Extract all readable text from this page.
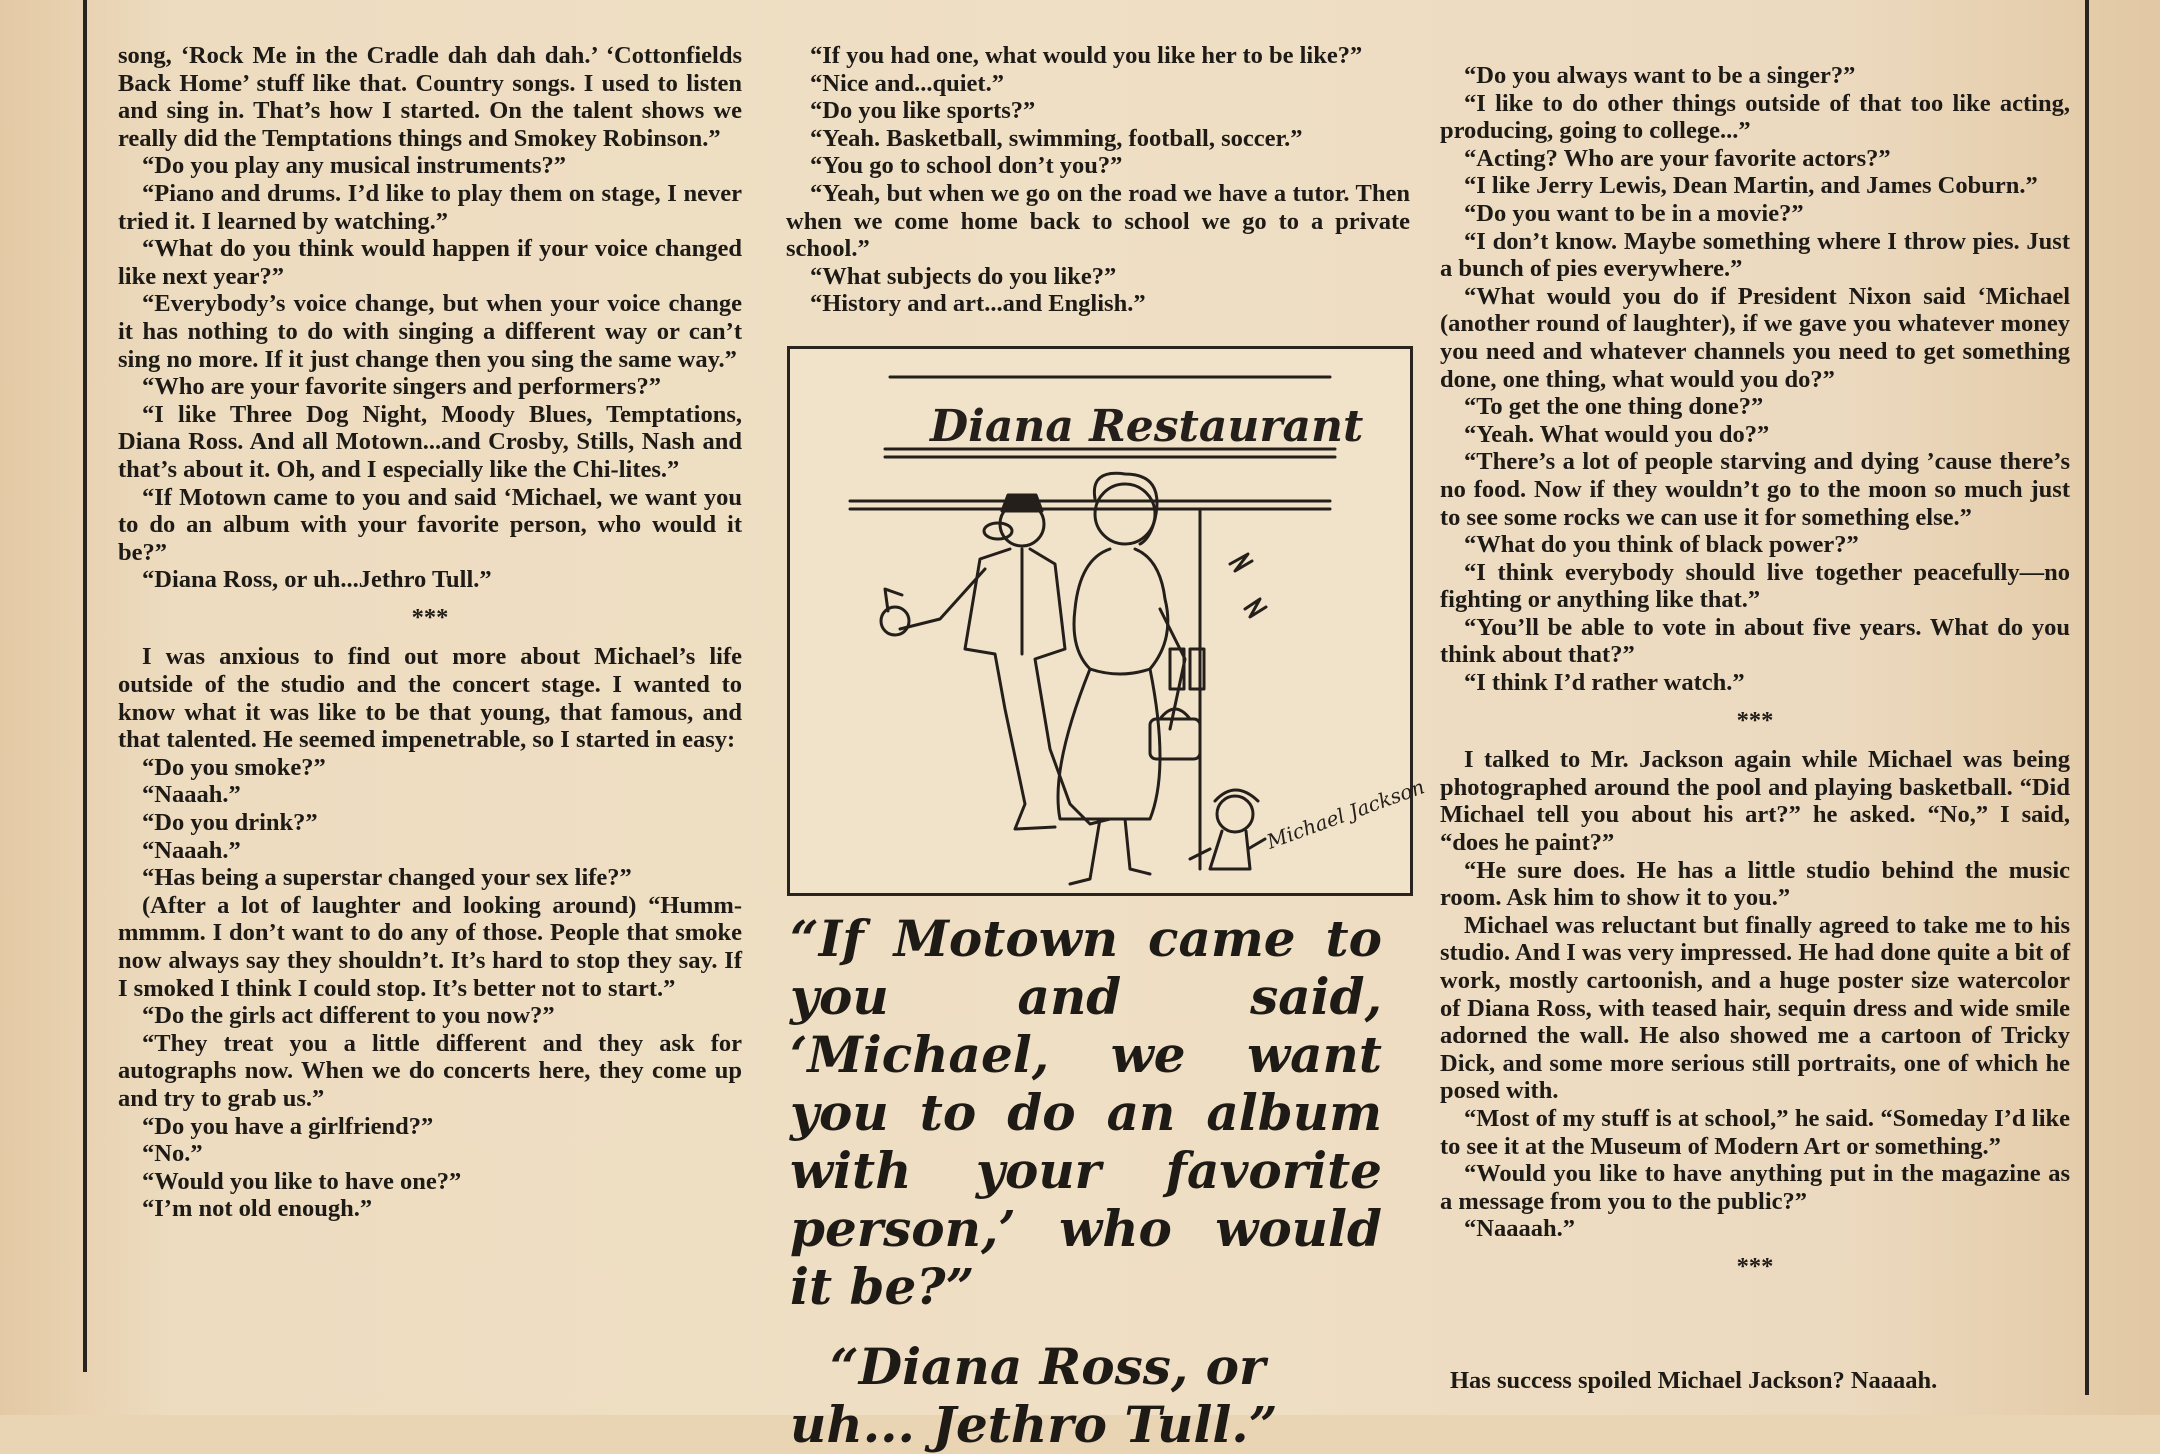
song, ‘Rock Me in the Cradle dah dah dah.’ ‘Cottonfields Back Home’ stuff like that. Country songs. I used to listen and sing in. That’s how I started. On the talent shows we really did the Temptations things and Smokey Robinson.”

“Do you play any musical instruments?”

“Piano and drums. I’d like to play them on stage, I never tried it. I learned by watching.”

“What do you think would happen if your voice changed like next year?”

“Everybody’s voice change, but when your voice change it has nothing to do with singing a different way or can’t sing no more. If it just change then you sing the same way.”

“Who are your favorite singers and performers?”

“I like Three Dog Night, Moody Blues, Temptations, Diana Ross. And all Motown...and Crosby, Stills, Nash and that’s about it. Oh, and I especially like the Chi-lites.”

“If Motown came to you and said ‘Michael, we want you to do an album with your favorite person, who would it be?”

“Diana Ross, or uh...Jethro Tull.”

***

I was anxious to find out more about Michael’s life outside of the studio and the concert stage. I wanted to know what it was like to be that young, that famous, and that talented. He seemed impenetrable, so I started in easy:

“Do you smoke?”

“Naaah.”

“Do you drink?”

“Naaah.”

“Has being a superstar changed your sex life?”

(After a lot of laughter and looking around) “Humm-mmmm. I don’t want to do any of those. People that smoke now always say they shouldn’t. It’s hard to stop they say. If I smoked I think I could stop. It’s better not to start.”

“Do the girls act different to you now?”

“They treat you a little different and they ask for autographs now. When we do concerts here, they come up and try to grab us.”

“Do you have a girlfriend?”

“No.”

“Would you like to have one?”

“I’m not old enough.”

“If you had one, what would you like her to be like?”

“Nice and...quiet.”

“Do you like sports?”

“Yeah. Basketball, swimming, football, soccer.”

“You go to school don’t you?”

“Yeah, but when we go on the road we have a tutor. Then when we come home back to school we go to a private school.”

“What subjects do you like?”

“History and art...and English.”

“Do you always want to be a singer?”

“I like to do other things outside of that too like acting, producing, going to college...”

“Acting? Who are your favorite actors?”

“I like Jerry Lewis, Dean Martin, and James Coburn.”

“Do you want to be in a movie?”

“I don’t know. Maybe something where I throw pies. Just a bunch of pies everywhere.”

“What would you do if President Nixon said ‘Michael (another round of laughter), if we gave you whatever money you need and whatever channels you need to get something done, one thing, what would you do?”

“To get the one thing done?”

“Yeah. What would you do?”

“There’s a lot of people starving and dying ’cause there’s no food. Now if they wouldn’t go to the moon so much just to see some rocks we can use it for something else.”

“What do you think of black power?”

“I think everybody should live together peacefully—no fighting or anything like that.”

“You’ll be able to vote in about five years. What do you think about that?”

“I think I’d rather watch.”

***

I talked to Mr. Jackson again while Michael was being photographed around the pool and playing basketball. “Did Michael tell you about his art?” he asked. “No,” I said, “does he paint?”

“He sure does. He has a little studio behind the music room. Ask him to show it to you.”

Michael was reluctant but finally agreed to take me to his studio. And I was very impressed. He had done quite a bit of work, mostly cartoonish, and a huge poster size watercolor of Diana Ross, with teased hair, sequin dress and wide smile adorned the wall. He also showed me a cartoon of Tricky Dick, and some more serious still portraits, one of which he posed with.

“Most of my stuff is at school,” he said. “Someday I’d like to see it at the Museum of Modern Art or something.”

“Would you like to have anything put in the magazine as a message from you to the public?”

“Naaaah.”

***

Diana Restaurant
Michael Jackson

“If Motown came to you and said, ‘Michael, we want you to do an album with your favorite person,’ who would it be?”

“Diana Ross, or uh... Jethro Tull.”

Has success spoiled Michael Jackson? Naaaah.
